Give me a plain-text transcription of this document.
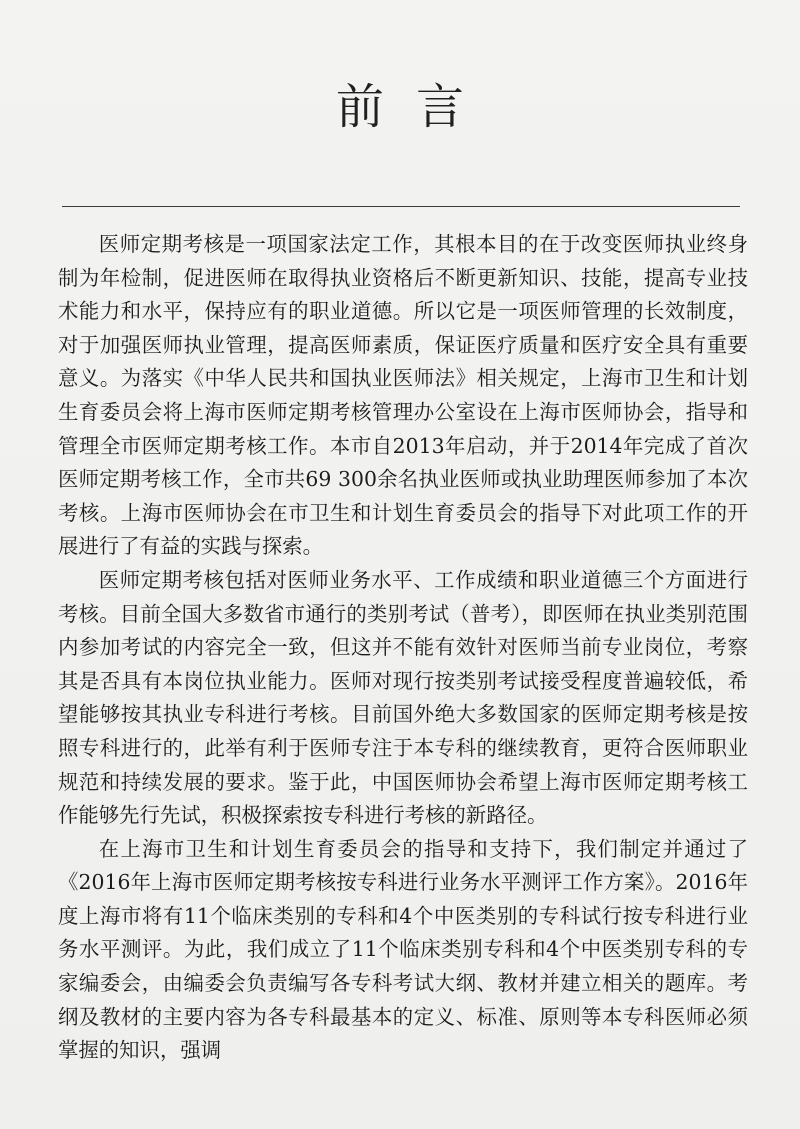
前言

医师定期考核是一项国家法定工作，其根本目的在于改变医师执业终身制为年检制，促进医师在取得执业资格后不断更新知识、技能，提高专业技术能力和水平，保持应有的职业道德。所以它是一项医师管理的长效制度，对于加强医师执业管理，提高医师素质，保证医疗质量和医疗安全具有重要意义。为落实《中华人民共和国执业医师法》相关规定，上海市卫生和计划生育委员会将上海市医师定期考核管理办公室设在上海市医师协会，指导和管理全市医师定期考核工作。本市自2013年启动，并于2014年完成了首次医师定期考核工作，全市共69 300余名执业医师或执业助理医师参加了本次考核。上海市医师协会在市卫生和计划生育委员会的指导下对此项工作的开展进行了有益的实践与探索。

医师定期考核包括对医师业务水平、工作成绩和职业道德三个方面进行考核。目前全国大多数省市通行的类别考试（普考），即医师在执业类别范围内参加考试的内容完全一致，但这并不能有效针对医师当前专业岗位，考察其是否具有本岗位执业能力。医师对现行按类别考试接受程度普遍较低，希望能够按其执业专科进行考核。目前国外绝大多数国家的医师定期考核是按照专科进行的，此举有利于医师专注于本专科的继续教育，更符合医师职业规范和持续发展的要求。鉴于此，中国医师协会希望上海市医师定期考核工作能够先行先试，积极探索按专科进行考核的新路径。

在上海市卫生和计划生育委员会的指导和支持下，我们制定并通过了《2016年上海市医师定期考核按专科进行业务水平测评工作方案》。2016年度上海市将有11个临床类别的专科和4个中医类别的专科试行按专科进行业务水平测评。为此，我们成立了11个临床类别专科和4个中医类别专科的专家编委会，由编委会负责编写各专科考试大纲、教材并建立相关的题库。考纲及教材的主要内容为各专科最基本的定义、标准、原则等本专科医师必须掌握的知识，强调
